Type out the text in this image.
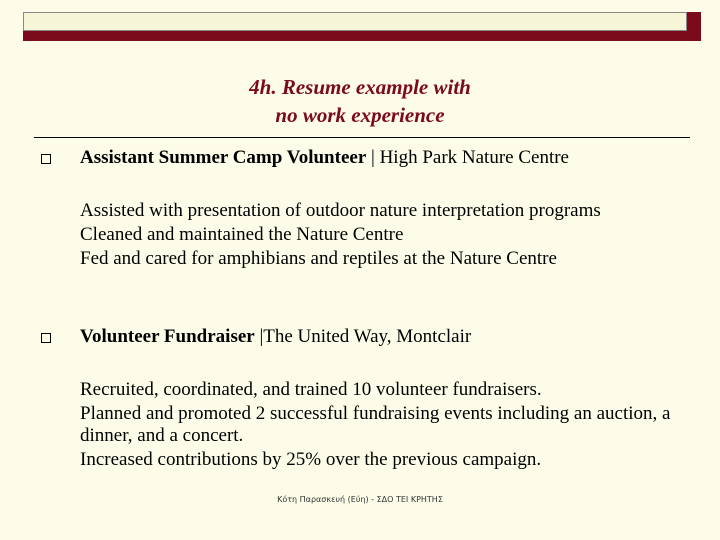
4h. Resume example with
no work experience
Assistant Summer Camp Volunteer | High Park Nature Centre
Assisted with presentation of outdoor nature interpretation programs
Cleaned and maintained the Nature Centre
Fed and cared for amphibians and reptiles at the Nature Centre
Volunteer Fundraiser |The United Way, Montclair
Recruited, coordinated, and trained 10 volunteer fundraisers.
Planned and promoted 2 successful fundraising events including an auction, a dinner, and a concert.
Increased contributions by 25% over the previous campaign.
Κότη Παρασκευή (Εύη) - ΣΔΟ ΤΕΙ ΚΡΗΤΗΣ
